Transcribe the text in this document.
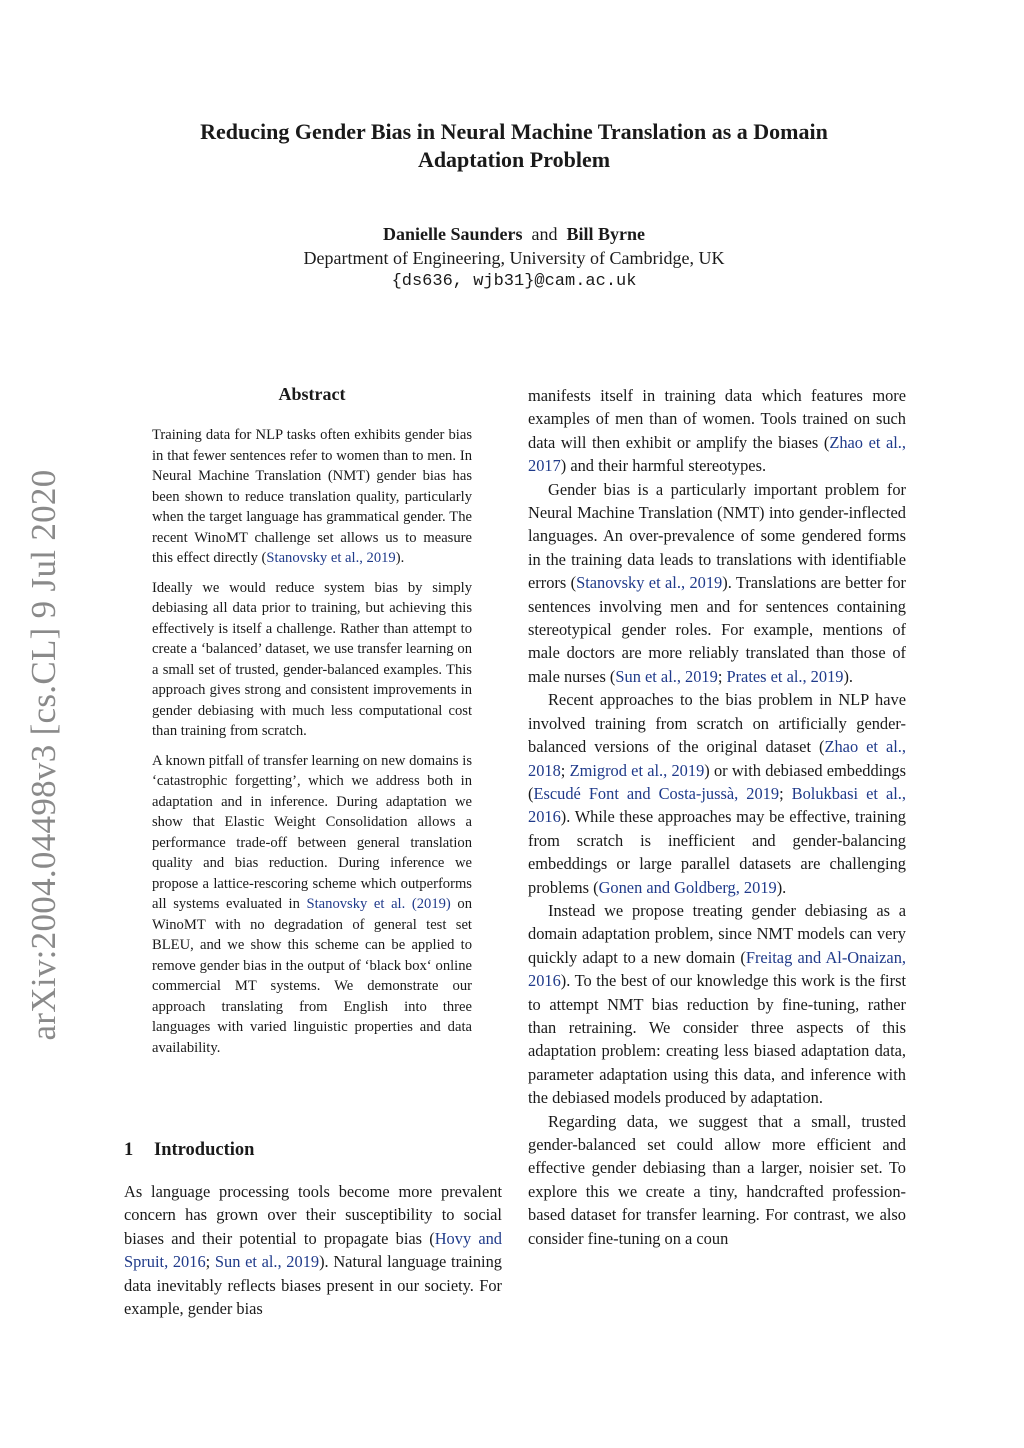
arXiv:2004.04498v3 [cs.CL] 9 Jul 2020
Reducing Gender Bias in Neural Machine Translation as a Domain
Adaptation Problem
Danielle Saunders and Bill Byrne
Department of Engineering, University of Cambridge, UK
{ds636, wjb31}@cam.ac.uk
Abstract

Training data for NLP tasks often exhibits gender bias in that fewer sentences refer to women than to men. In Neural Machine Translation (NMT) gender bias has been shown to reduce translation quality, particularly when the target language has grammatical gender. The recent WinoMT challenge set allows us to measure this effect directly (Stanovsky et al., 2019).

Ideally we would reduce system bias by simply debiasing all data prior to training, but achieving this effectively is itself a challenge. Rather than attempt to create a ‘balanced’ dataset, we use transfer learning on a small set of trusted, gender-balanced examples. This approach gives strong and consistent improvements in gender debiasing with much less computational cost than training from scratch.

A known pitfall of transfer learning on new domains is ‘catastrophic forgetting’, which we address both in adaptation and in inference. During adaptation we show that Elastic Weight Consolidation allows a performance trade-off between general translation quality and bias reduction. During inference we propose a lattice-rescoring scheme which outperforms all systems evaluated in Stanovsky et al. (2019) on WinoMT with no degradation of general test set BLEU, and we show this scheme can be applied to remove gender bias in the output of ‘black box‘ online commercial MT systems. We demonstrate our approach translating from English into three languages with varied linguistic properties and data availability.

1 Introduction

As language processing tools become more prevalent concern has grown over their susceptibility to social biases and their potential to propagate bias (Hovy and Spruit, 2016; Sun et al., 2019). Natural language training data inevitably reflects biases present in our society. For example, gender bias

manifests itself in training data which features more examples of men than of women. Tools trained on such data will then exhibit or amplify the biases (Zhao et al., 2017) and their harmful stereotypes.

Gender bias is a particularly important problem for Neural Machine Translation (NMT) into gender-inflected languages. An over-prevalence of some gendered forms in the training data leads to translations with identifiable errors (Stanovsky et al., 2019). Translations are better for sentences involving men and for sentences containing stereotypical gender roles. For example, mentions of male doctors are more reliably translated than those of male nurses (Sun et al., 2019; Prates et al., 2019).

Recent approaches to the bias problem in NLP have involved training from scratch on artificially gender-balanced versions of the original dataset (Zhao et al., 2018; Zmigrod et al., 2019) or with debiased embeddings (Escudé Font and Costa-jussà, 2019; Bolukbasi et al., 2016). While these approaches may be effective, training from scratch is inefficient and gender-balancing embeddings or large parallel datasets are challenging problems (Gonen and Goldberg, 2019).

Instead we propose treating gender debiasing as a domain adaptation problem, since NMT models can very quickly adapt to a new domain (Freitag and Al-Onaizan, 2016). To the best of our knowledge this work is the first to attempt NMT bias reduction by fine-tuning, rather than retraining. We consider three aspects of this adaptation problem: creating less biased adaptation data, parameter adaptation using this data, and inference with the debiased models produced by adaptation.

Regarding data, we suggest that a small, trusted gender-balanced set could allow more efficient and effective gender debiasing than a larger, noisier set. To explore this we create a tiny, handcrafted profession-based dataset for transfer learning. For contrast, we also consider fine-tuning on a coun
